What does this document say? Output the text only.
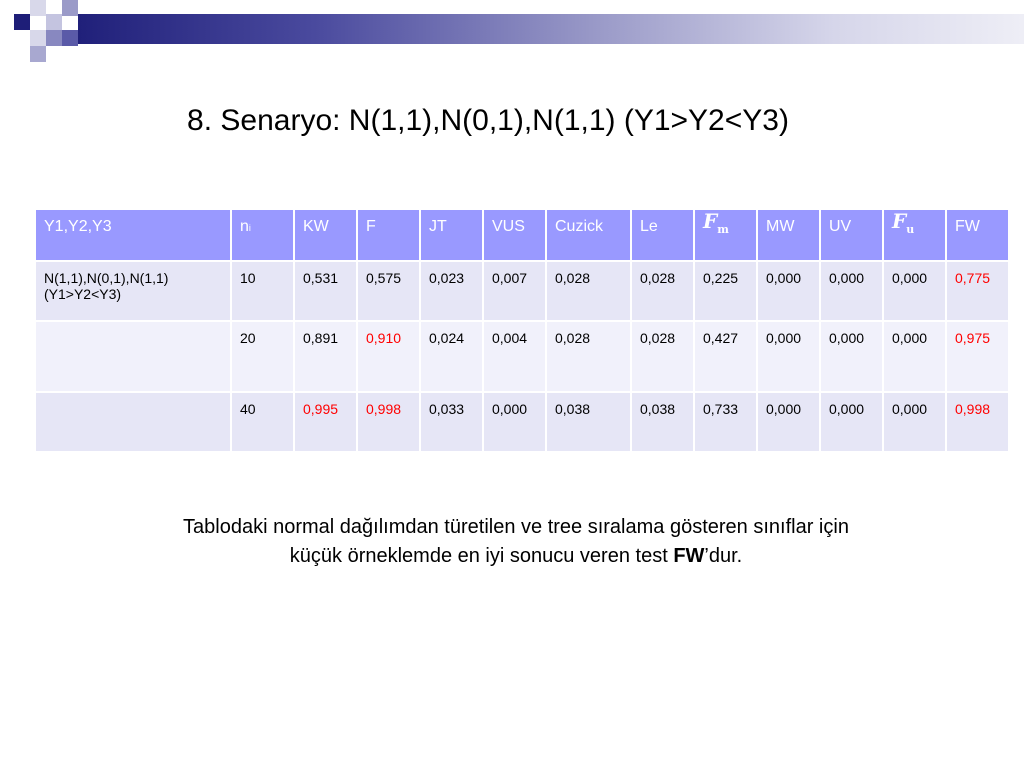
8. Senaryo: N(1,1),N(0,1),N(1,1) (Y1>Y2<Y3)
Y1,Y2,Y3	ni	KW	F	JT	VUS	Cuzick	Le	$F_m$	MW	UV	$F_u$	FW
N(1,1),N(0,1),N(1,1) (Y1>Y2<Y3)	10	0,531	0,575	0,023	0,007	0,028	0,028	0,225	0,000	0,000	0,000	0,775
	20	0,891	0,910	0,024	0,004	0,028	0,028	0,427	0,000	0,000	0,000	0,975
	40	0,995	0,998	0,033	0,000	0,038	0,038	0,733	0,000	0,000	0,000	0,998
Tablodaki normal dağılımdan türetilen ve tree sıralama gösteren sınıflar için
küçük örneklemde en iyi sonucu veren test FW’dur.
